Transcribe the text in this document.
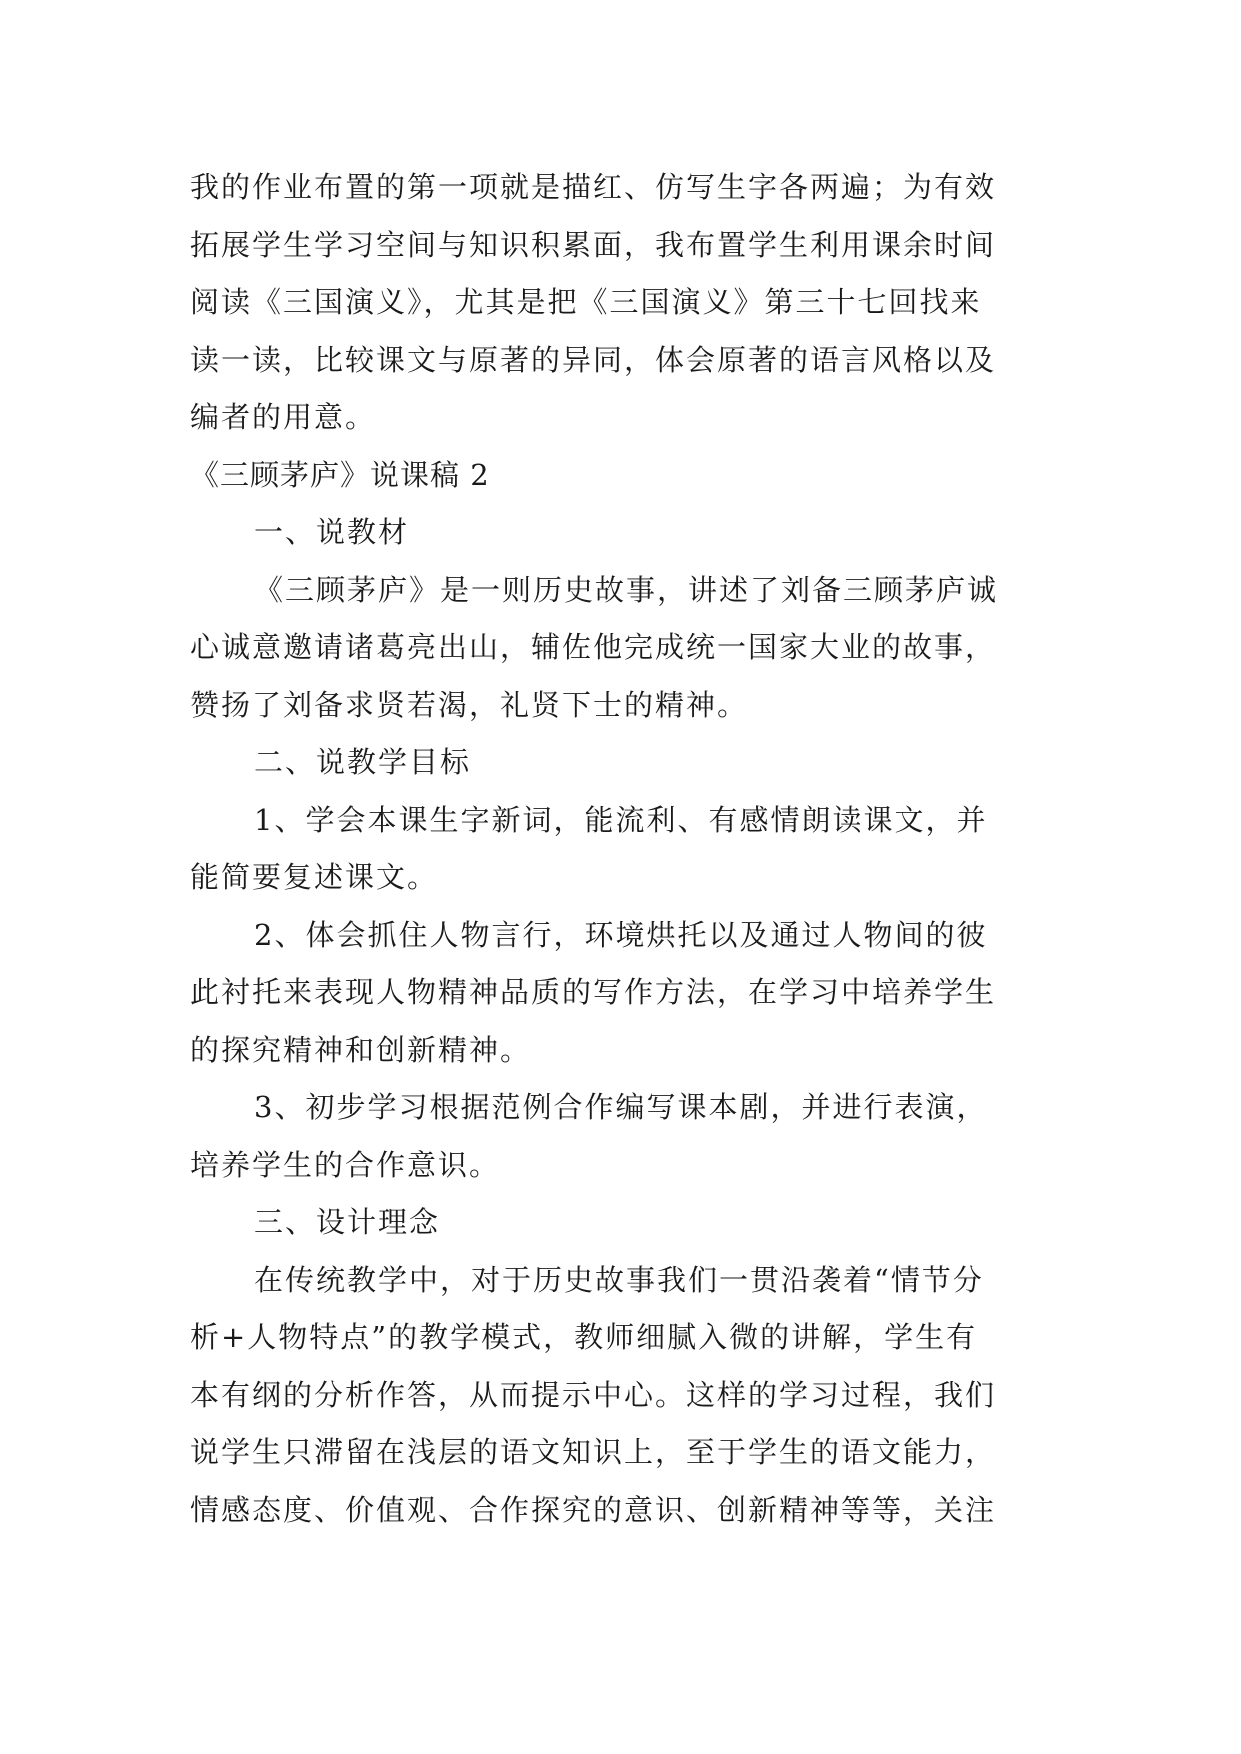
我的作业布置的第一项就是描红、仿写生字各两遍；为有效
拓展学生学习空间与知识积累面，我布置学生利用课余时间
阅读《三国演义》，尤其是把《三国演义》第三十七回找来
读一读，比较课文与原著的异同，体会原著的语言风格以及
编者的用意。
《三顾茅庐》说课稿 2
一、说教材
《三顾茅庐》是一则历史故事，讲述了刘备三顾茅庐诚
心诚意邀请诸葛亮出山，辅佐他完成统一国家大业的故事，
赞扬了刘备求贤若渴，礼贤下士的精神。
二、说教学目标
1、学会本课生字新词，能流利、有感情朗读课文，并
能简要复述课文。
2、体会抓住人物言行，环境烘托以及通过人物间的彼
此衬托来表现人物精神品质的写作方法，在学习中培养学生
的探究精神和创新精神。
3、初步学习根据范例合作编写课本剧，并进行表演，
培养学生的合作意识。
三、设计理念
在传统教学中，对于历史故事我们一贯沿袭着“情节分
析+人物特点”的教学模式，教师细腻入微的讲解，学生有
本有纲的分析作答，从而提示中心。这样的学习过程，我们
说学生只滞留在浅层的语文知识上，至于学生的语文能力，
情感态度、价值观、合作探究的意识、创新精神等等，关注
